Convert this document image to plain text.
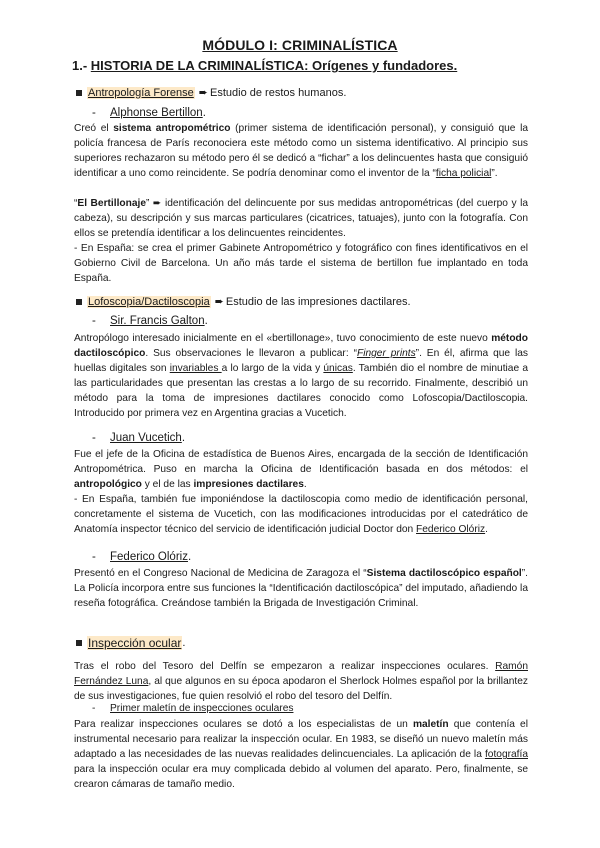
MÓDULO I: CRIMINALÍSTICA
1.- HISTORIA DE LA CRIMINALÍSTICA: Orígenes y fundadores.
Antropología Forense ➨ Estudio de restos humanos.
-	Alphonse Bertillon .
Creó el sistema antropométrico (primer sistema de identificación personal), y consiguió que la policía francesa de París reconociera este método como un sistema identificativo. Al principio sus superiores rechazaron su método pero él se dedicó a “fichar” a los delincuentes hasta que consiguió identificar a uno como reincidente. Se podría denominar como el inventor de la “ficha policial”.
“El Bertillonaje” ➨ identificación del delincuente por sus medidas antropométricas (del cuerpo y la cabeza), su descripción y sus marcas particulares (cicatrices, tatuajes), junto con la fotografía. Con ellos se pretendía identificar a los delincuentes reincidentes.
- En España: se crea el primer Gabinete Antropométrico y fotográfico con fines identificativos en el Gobierno Civil de Barcelona. Un año más tarde el sistema de bertillon fue implantado en toda España.
Lofoscopia/Dactiloscopia ➨ Estudio de las impresiones dactilares.
-	Sir. Francis Galton .
Antropólogo interesado inicialmente en el «bertillonage», tuvo conocimiento de este nuevo método dactiloscópico. Sus observaciones le llevaron a publicar: “Finger prints”. En él, afirma que las huellas digitales son invariables a lo largo de la vida y únicas. También dio el nombre de minutiae a las particularidades que presentan las crestas a lo largo de su recorrido. Finalmente, describió un método para la toma de impresiones dactilares conocido como Lofoscopia/Dactiloscopia. Introducido por primera vez en Argentina gracias a Vucetich.
-	Juan Vucetich .
Fue el jefe de la Oficina de estadística de Buenos Aires, encargada de la sección de Identificación Antropométrica. Puso en marcha la Oficina de Identificación basada en dos métodos: el antropológico y el de las impresiones dactilares.
- En España, también fue imponiéndose la dactiloscopia como medio de identificación personal, concretamente el sistema de Vucetich, con las modificaciones introducidas por el catedrático de Anatomía inspector técnico del servicio de identificación judicial Doctor don Federico Olóriz.
-	Federico Olóriz .
Presentó en el Congreso Nacional de Medicina de Zaragoza el “Sistema dactiloscópico español”. La Policía incorpora entre sus funciones la “Identificación dactiloscópica” del imputado, añadiendo la reseña fotográfica. Creándose también la Brigada de Investigación Criminal.
Inspección ocular .
Tras el robo del Tesoro del Delfín se empezaron a realizar inspecciones oculares. Ramón Fernández Luna, al que algunos en su época apodaron el Sherlock Holmes español por la brillantez de sus investigaciones, fue quien resolvió el robo del tesoro del Delfín.
-	Primer maletín de inspecciones oculares
Para realizar inspecciones oculares se dotó a los especialistas de un maletín que contenía el instrumental necesario para realizar la inspección ocular. En 1983, se diseñó un nuevo maletín más adaptado a las necesidades de las nuevas realidades delincuenciales. La aplicación de la fotografía para la inspección ocular era muy complicada debido al volumen del aparato. Pero, finalmente, se crearon cámaras de tamaño medio.
